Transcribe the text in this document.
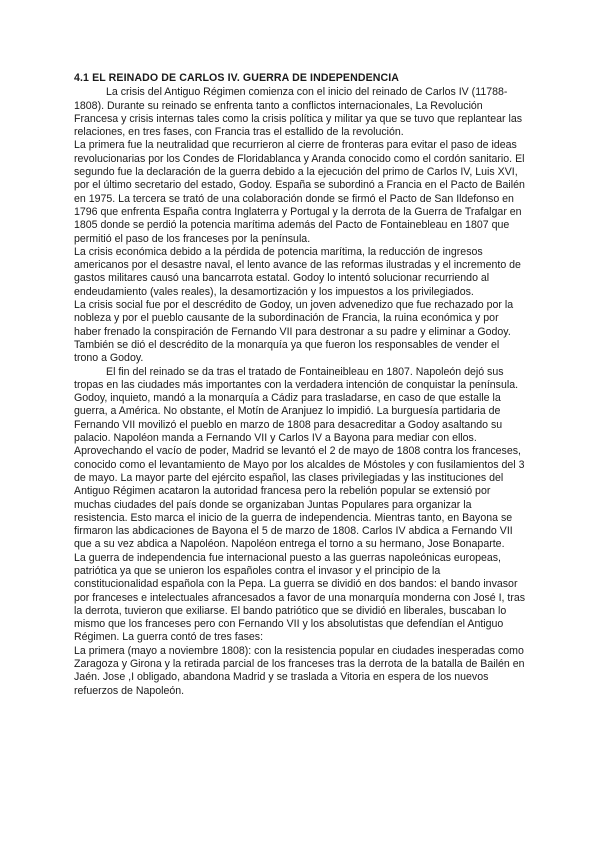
4.1 EL REINADO DE CARLOS IV. GUERRA DE INDEPENDENCIA

La crisis del Antiguo Régimen comienza con el inicio del reinado de Carlos IV (11788-1808). Durante su reinado se enfrenta tanto a conflictos internacionales, La Revolución Francesa y crisis internas tales como la crisis política y militar ya que se tuvo que replantear las relaciones, en tres fases, con Francia tras el estallido de la revolución.

La primera fue la neutralidad que recurrieron al cierre de fronteras para evitar el paso de ideas revolucionarias por los Condes de Floridablanca y Aranda conocido como el cordón sanitario. El segundo fue la declaración de la guerra debido a la ejecución del primo de Carlos IV, Luis XVI, por el último secretario del estado, Godoy. España se subordinó a Francia en el Pacto de Bailén en 1975. La tercera se trató de una colaboración donde se firmó el Pacto de San Ildefonso en 1796 que enfrenta España contra Inglaterra y Portugal y la derrota de la Guerra de Trafalgar en 1805 donde se perdió la potencia marítima además del Pacto de Fontainebleau en 1807 que permitió el paso de los franceses por la península.

La crisis económica debido a la pérdida de potencia marítima, la reducción de ingresos americanos por el desastre naval, el lento avance de las reformas ilustradas y el incremento de gastos militares causó una bancarrota estatal. Godoy lo intentó solucionar recurriendo al endeudamiento (vales reales), la desamortización y los impuestos a los privilegiados.

La crisis social fue por el descrédito de Godoy, un joven advenedizo que fue rechazado por la nobleza y por el pueblo causante de la subordinación de Francia, la ruina económica y por haber frenado la conspiración de Fernando VII para destronar a su padre y eliminar a Godoy. También se dió el descrédito de la monarquía ya que fueron los responsables de vender el trono a Godoy.

El fin del reinado se da tras el tratado de Fontaineibleau en 1807. Napoleón dejó sus tropas en las ciudades más importantes con la verdadera intención de conquistar la península. Godoy, inquieto, mandó a la monarquía a Cádiz para trasladarse, en caso de que estalle la guerra, a América. No obstante, el Motín de Aranjuez lo impidió. La burguesía partidaria de Fernando VII movilizó el pueblo en marzo de 1808 para desacreditar a Godoy asaltando su palacio. Napoléon manda a Fernando VII y Carlos IV a Bayona para mediar con ellos. Aprovechando el vacío de poder, Madrid se levantó el 2 de mayo de 1808 contra los franceses, conocido como el levantamiento de Mayo por los alcaldes de Móstoles y con fusilamientos del 3 de mayo. La mayor parte del ejército español, las clases privilegiadas y las instituciones del Antiguo Régimen acataron la autoridad francesa pero la rebelión popular se extensió por muchas ciudades del país donde se organizaban Juntas Populares para organizar la resistencia. Esto marca el inicio de la guerra de independencia. Mientras tanto, en Bayona se firmaron las abdicaciones de Bayona el 5 de marzo de 1808. Carlos IV abdica a Fernando VII que a su vez abdica a Napoléon. Napoléon entrega el torno a su hermano, Jose Bonaparte.

La guerra de independencia fue internacional puesto a las guerras napoleónicas europeas, patriótica ya que se unieron los españoles contra el invasor y el principio de la constitucionalidad española con la Pepa. La guerra se dividió en dos bandos: el bando invasor por franceses e intelectuales afrancesados a favor de una monarquía monderna con José I, tras la derrota, tuvieron que exiliarse. El bando patriótico que se dividió en liberales, buscaban lo mismo que los franceses pero con Fernando VII y los absolutistas que defendían el Antiguo Régimen. La guerra contó de tres fases:

La primera (mayo a noviembre 1808): con la resistencia popular en ciudades inesperadas como Zaragoza y Girona y la retirada parcial de los franceses tras la derrota de la batalla de Bailén en Jaén. Jose ,I obligado, abandona Madrid y se traslada a Vitoria en espera de los nuevos refuerzos de Napoleón.
